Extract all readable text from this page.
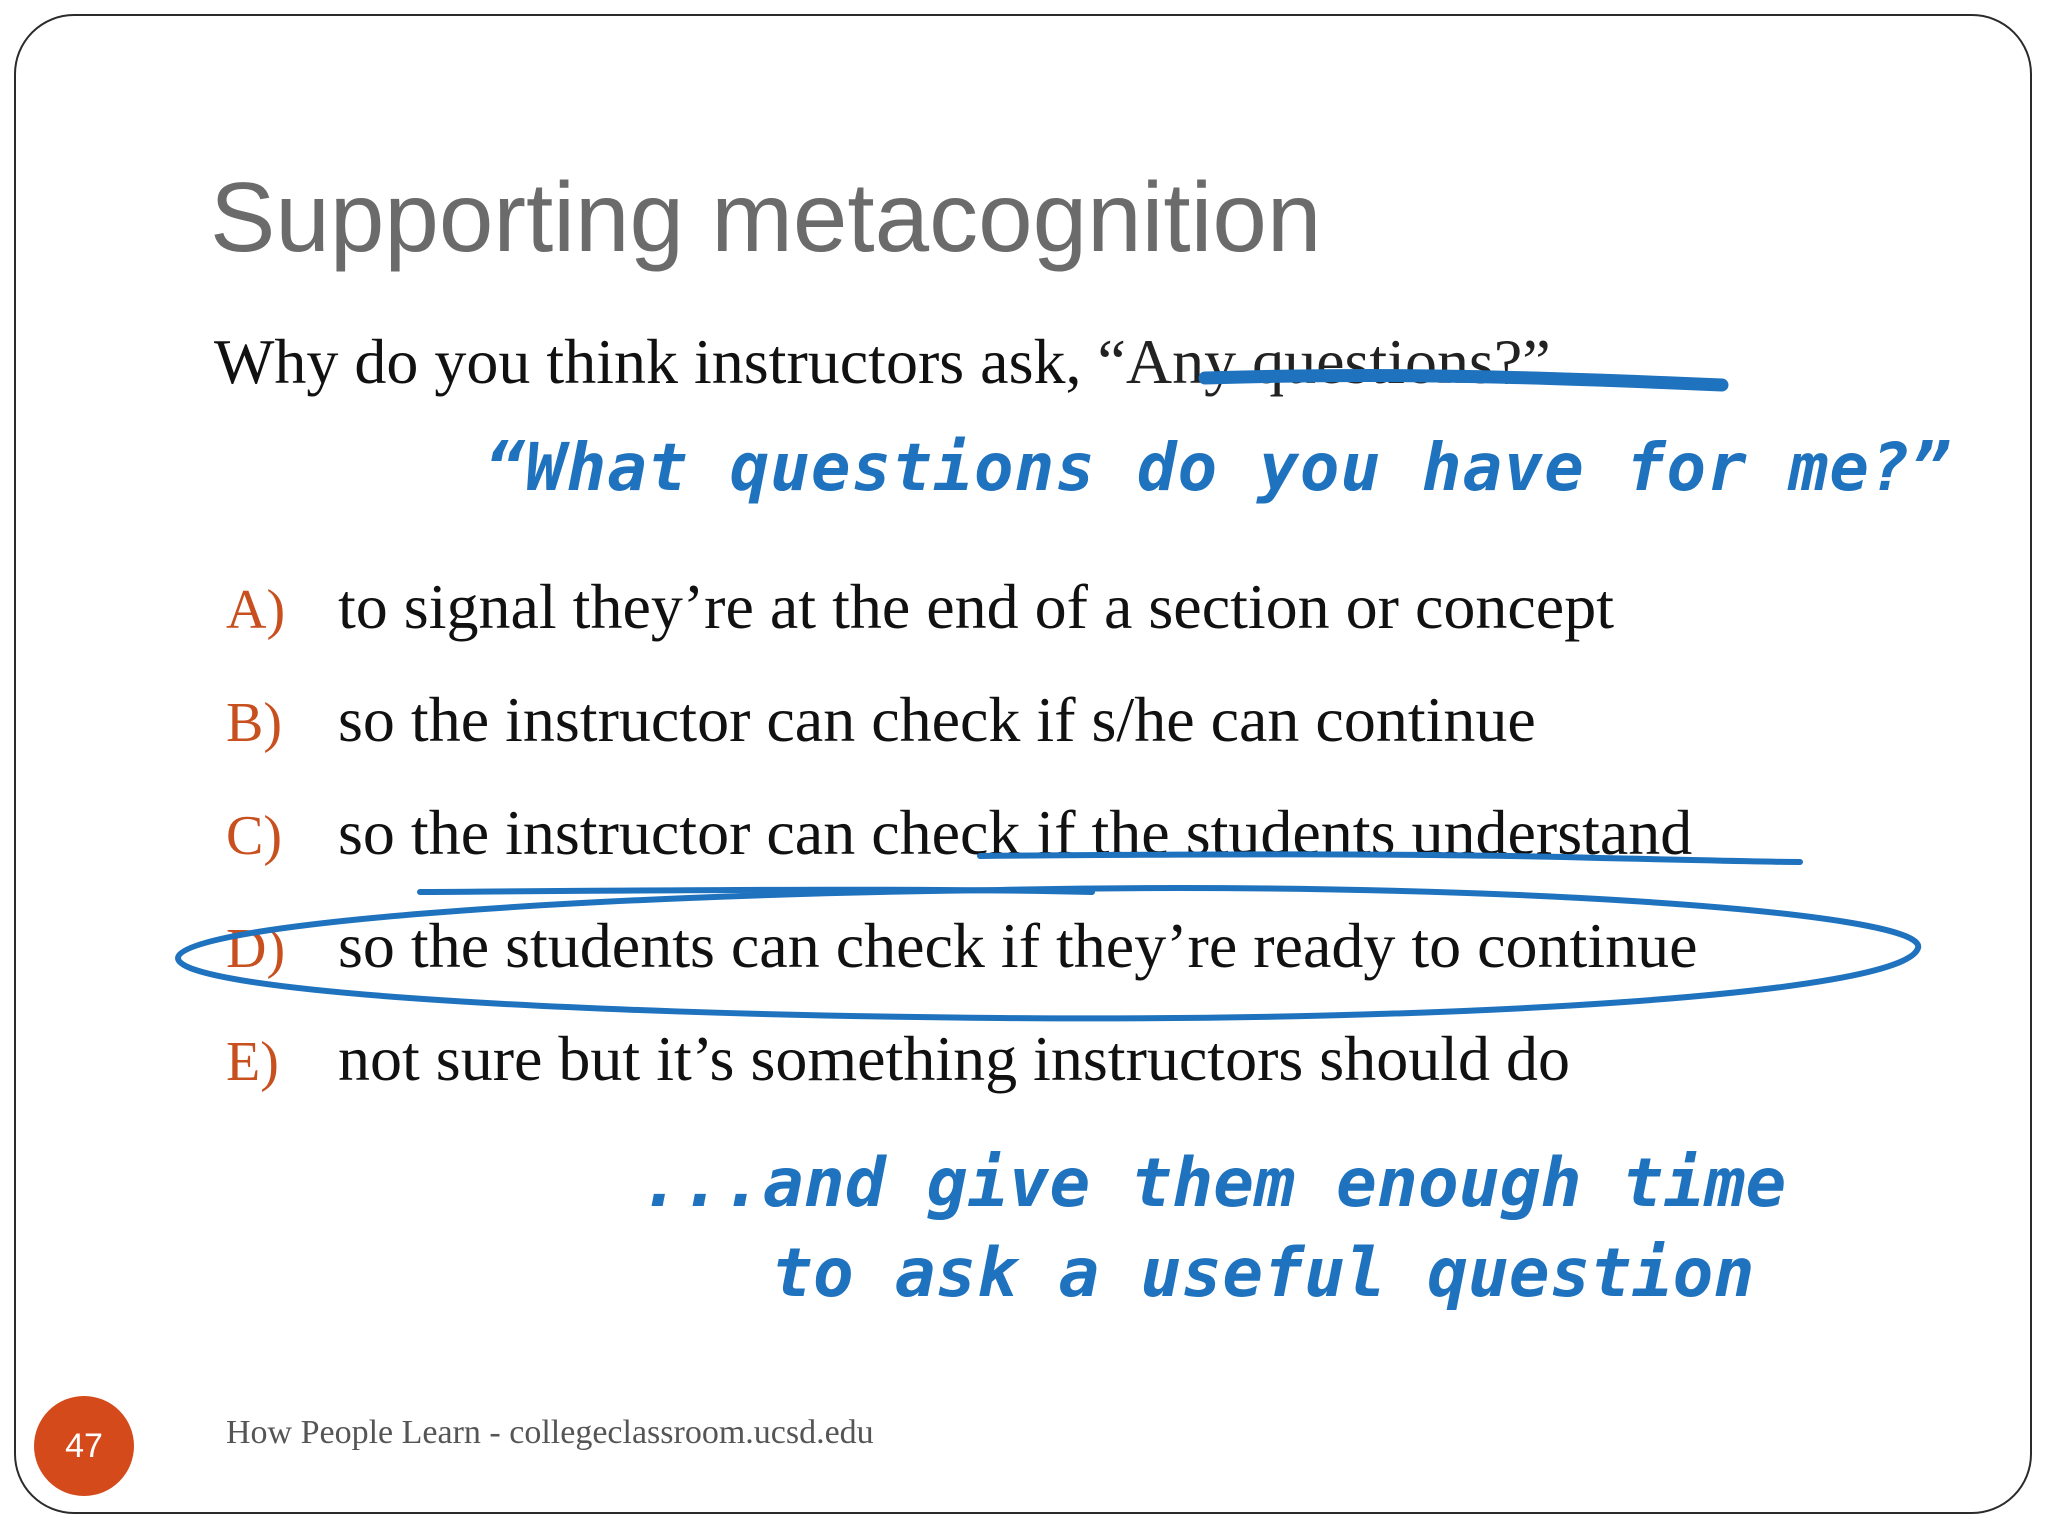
Supporting metacognition
Why do you think instructors ask, “Any questions?”
“What questions do you have for me?”
A) to signal they’re at the end of a section or concept
B) so the instructor can check if s/he can continue
C) so the instructor can check if the students understand
D) so the students can check if they’re ready to continue
E) not sure but it’s something instructors should do
...and give them enough time
to ask a useful question
47	How People Learn - collegeclassroom.ucsd.edu
